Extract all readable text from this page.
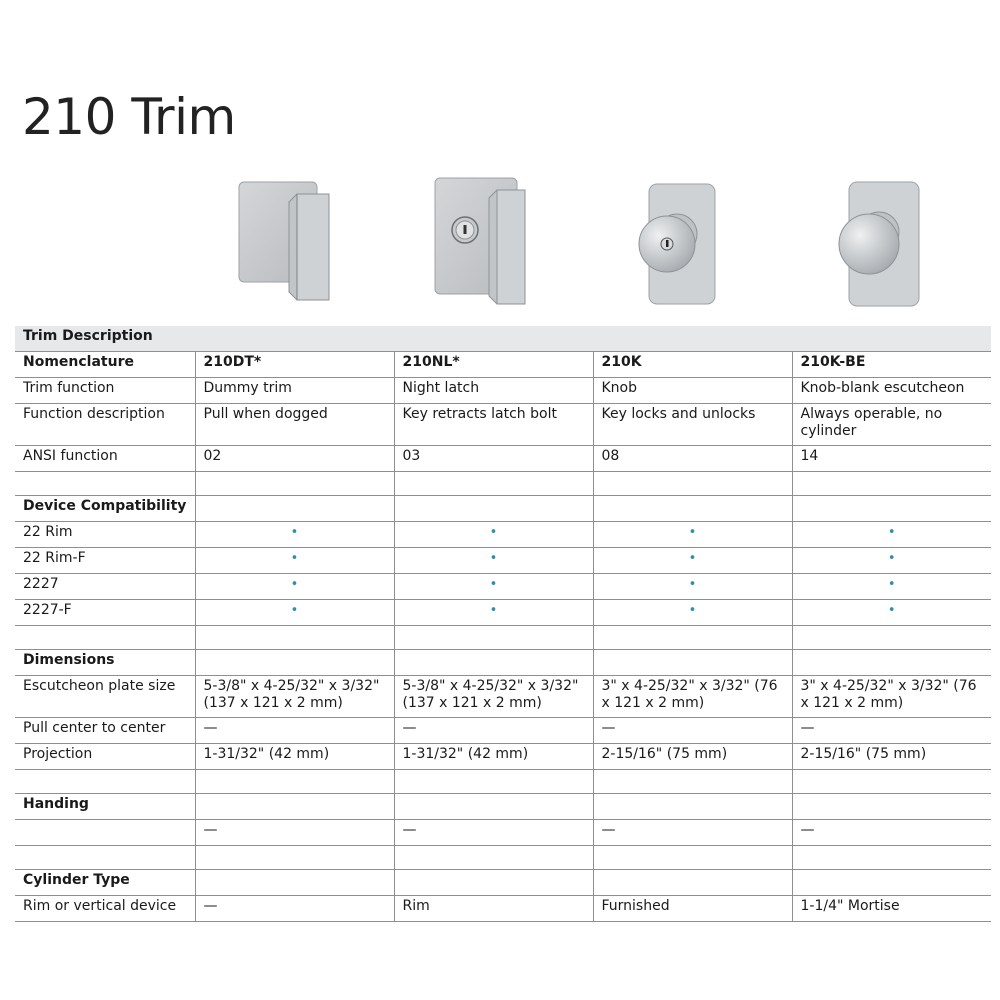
210 Trim
Trim Description				
Nomenclature	210DT*	210NL*	210K	210K-BE
Trim function	Dummy trim	Night latch	Knob	Knob-blank escutcheon
Function description	Pull when dogged	Key retracts latch bolt	Key locks and unlocks	Always operable, no cylinder
ANSI function	02	03	08	14

Device Compatibility				
22 Rim	•	•	•	•

22 Rim-F	•	•	•	•

2227	•	•	•	•

2227-F	•	•	•	•

Dimensions				
Escutcheon plate size	5-3/8" x 4-25/32" x 3/32" (137 x 121 x 2 mm)	5-3/8" x 4-25/32" x 3/32" (137 x 121 x 2 mm)	3" x 4-25/32" x 3/32" (76 x 121 x 2 mm)	3" x 4-25/32" x 3/32" (76 x 121 x 2 mm)
Pull center to center	—	—	—	—
Projection	1-31/32" (42 mm)	1-31/32" (42 mm)	2-15/16" (75 mm)	2-15/16" (75 mm)

Handing				
	—	—	—	—

Cylinder Type				
Rim or vertical device	—	Rim	Furnished	1-1/4" Mortise
